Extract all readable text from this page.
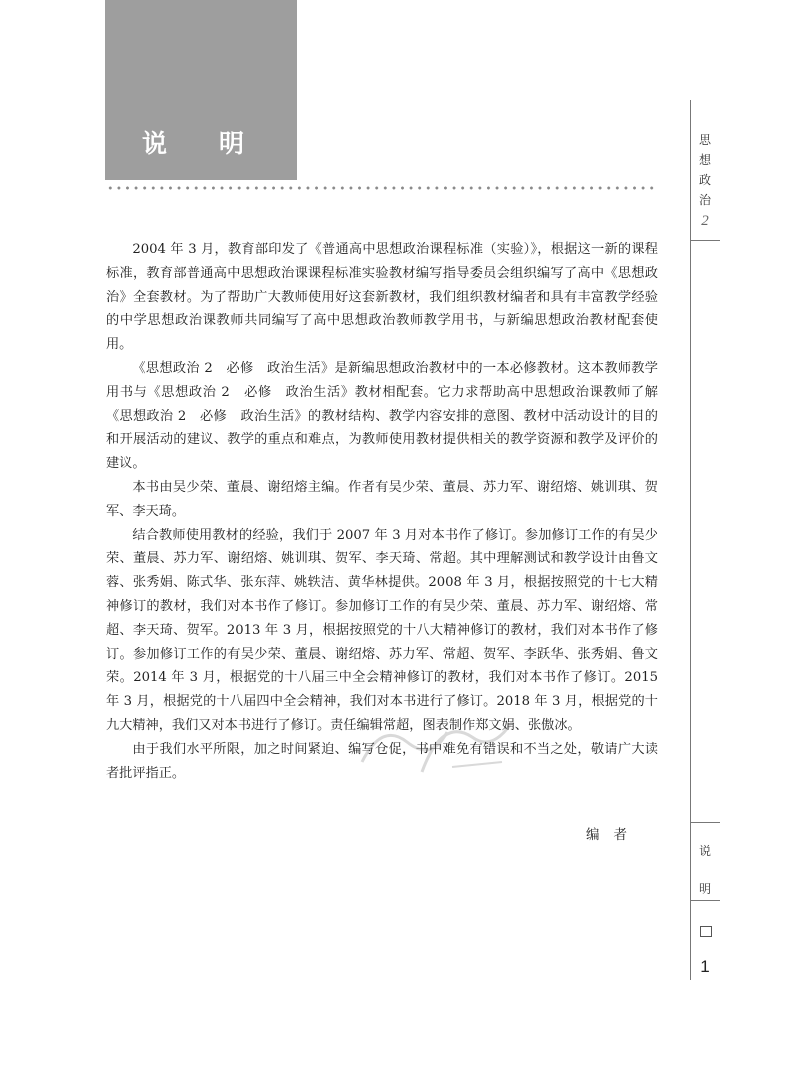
说明

2004 年 3 月，教育部印发了《普通高中思想政治课程标准（实验）》，根据这一新的课程标准，教育部普通高中思想政治课课程标准实验教材编写指导委员会组织编写了高中《思想政治》全套教材。为了帮助广大教师使用好这套新教材，我们组织教材编者和具有丰富教学经验的中学思想政治课教师共同编写了高中思想政治教师教学用书，与新编思想政治教材配套使用。

《思想政治 2　必修　政治生活》是新编思想政治教材中的一本必修教材。这本教师教学用书与《思想政治 2　必修　政治生活》教材相配套。它力求帮助高中思想政治课教师了解《思想政治 2　必修　政治生活》的教材结构、教学内容安排的意图、教材中活动设计的目的和开展活动的建议、教学的重点和难点，为教师使用教材提供相关的教学资源和教学及评价的建议。

本书由吴少荣、董晨、谢绍熔主编。作者有吴少荣、董晨、苏力军、谢绍熔、姚训琪、贺军、李天琦。

结合教师使用教材的经验，我们于 2007 年 3 月对本书作了修订。参加修订工作的有吴少荣、董晨、苏力军、谢绍熔、姚训琪、贺军、李天琦、常超。其中理解测试和教学设计由鲁文蓉、张秀娟、陈式华、张东萍、姚轶洁、黄华林提供。2008 年 3 月，根据按照党的十七大精神修订的教材，我们对本书作了修订。参加修订工作的有吴少荣、董晨、苏力军、谢绍熔、常超、李天琦、贺军。2013 年 3 月，根据按照党的十八大精神修订的教材，我们对本书作了修订。参加修订工作的有吴少荣、董晨、谢绍熔、苏力军、常超、贺军、李跃华、张秀娟、鲁文荣。2014 年 3 月，根据党的十八届三中全会精神修订的教材，我们对本书作了修订。2015 年 3 月，根据党的十八届四中全会精神，我们对本书进行了修订。2018 年 3 月，根据党的十九大精神，我们又对本书进行了修订。责任编辑常超，图表制作郑文娟、张傲冰。

由于我们水平所限，加之时间紧迫、编写仓促，书中难免有错误和不当之处，敬请广大读者批评指正。

编者
思
想
政
治
2
说
明
1
